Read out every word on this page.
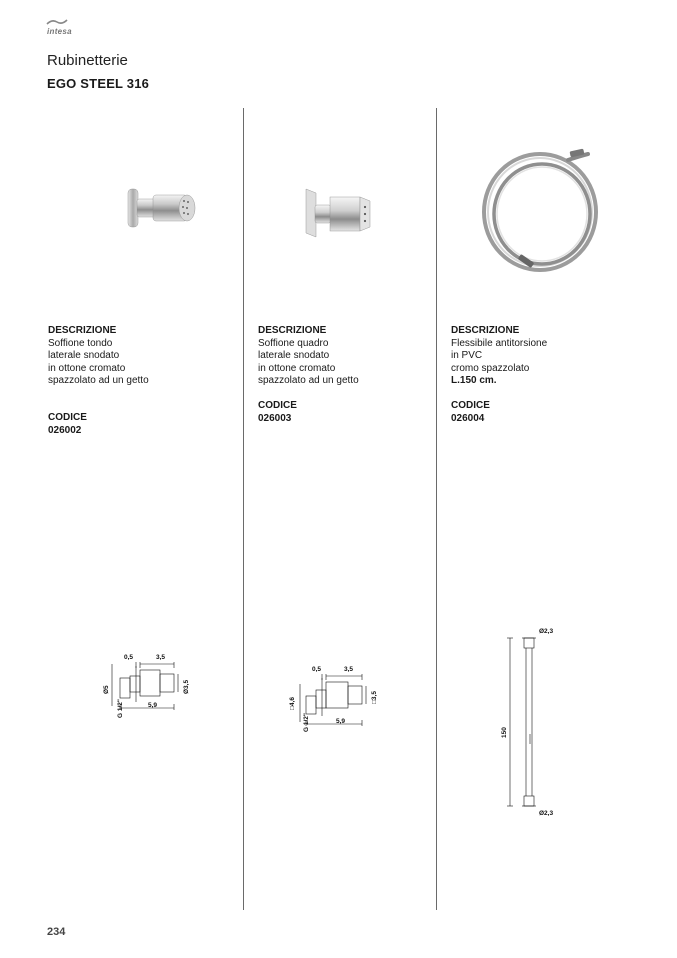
intesa
Rubinetterie
EGO STEEL 316
DESCRIZIONE
Soffione tondo
laterale snodato
in ottone cromato
spazzolato ad un getto
CODICE
026002
DESCRIZIONE
Soffione quadro
laterale snodato
in ottone cromato
spazzolato ad un getto
CODICE
026003
DESCRIZIONE
Flessibile antitorsione
in PVC
cromo spazzolato
L.150 cm.
CODICE
026004
0,5	3,5
Ø5
G 1/2"
Ø3,5
5,9
0,5	3,5
□4,6
G 1/2"
□3,5
5,9
Ø2,3
150
Ø2,3
234
